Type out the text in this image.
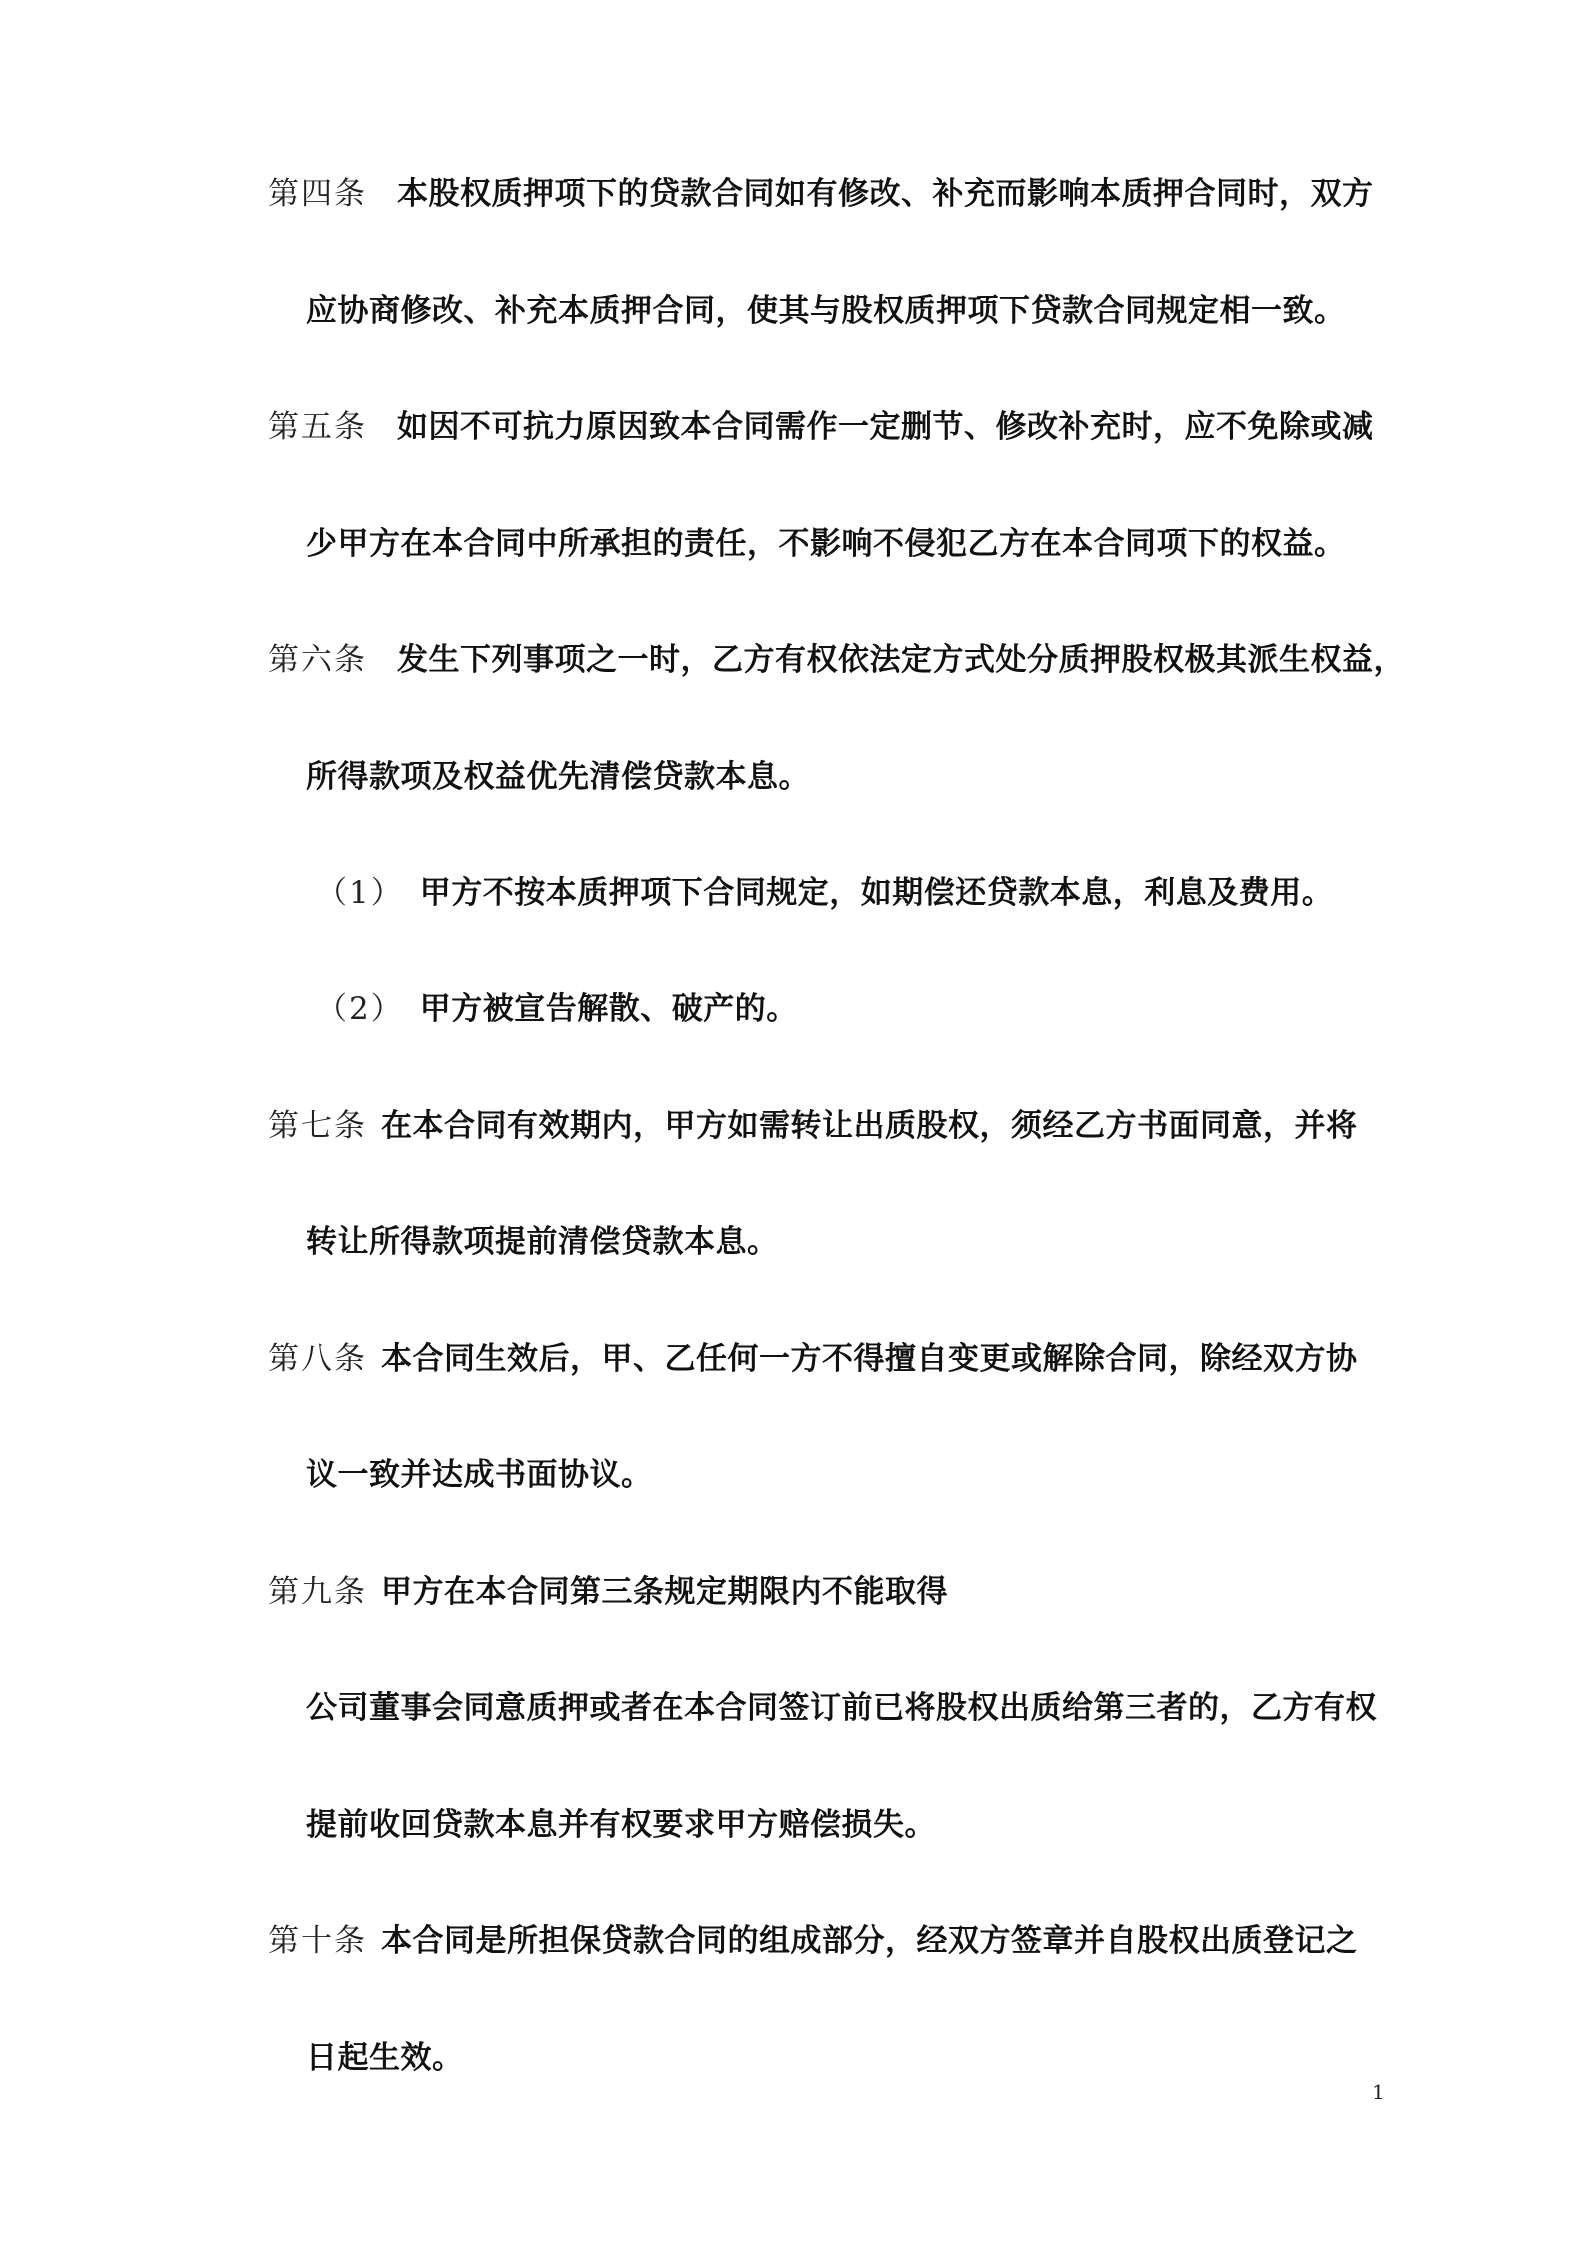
第四条 本股权质押项下的贷款合同如有修改、补充而影响本质押合同时，双方
应协商修改、补充本质押合同，使其与股权质押项下贷款合同规定相一致。
第五条 如因不可抗力原因致本合同需作一定删节、修改补充时，应不免除或减
少甲方在本合同中所承担的责任，不影响不侵犯乙方在本合同项下的权益。
第六条 发生下列事项之一时，乙方有权依法定方式处分质押股权极其派生权益，
所得款项及权益优先清偿贷款本息。
（1） 甲方不按本质押项下合同规定，如期偿还贷款本息，利息及费用。
（2） 甲方被宣告解散、破产的。
第七条 在本合同有效期内，甲方如需转让出质股权，须经乙方书面同意，并将
转让所得款项提前清偿贷款本息。
第八条 本合同生效后，甲、乙任何一方不得擅自变更或解除合同，除经双方协
议一致并达成书面协议。
第九条 甲方在本合同第三条规定期限内不能取得
公司董事会同意质押或者在本合同签订前已将股权出质给第三者的，乙方有权
提前收回贷款本息并有权要求甲方赔偿损失。
第十条 本合同是所担保贷款合同的组成部分，经双方签章并自股权出质登记之
日起生效。
1
